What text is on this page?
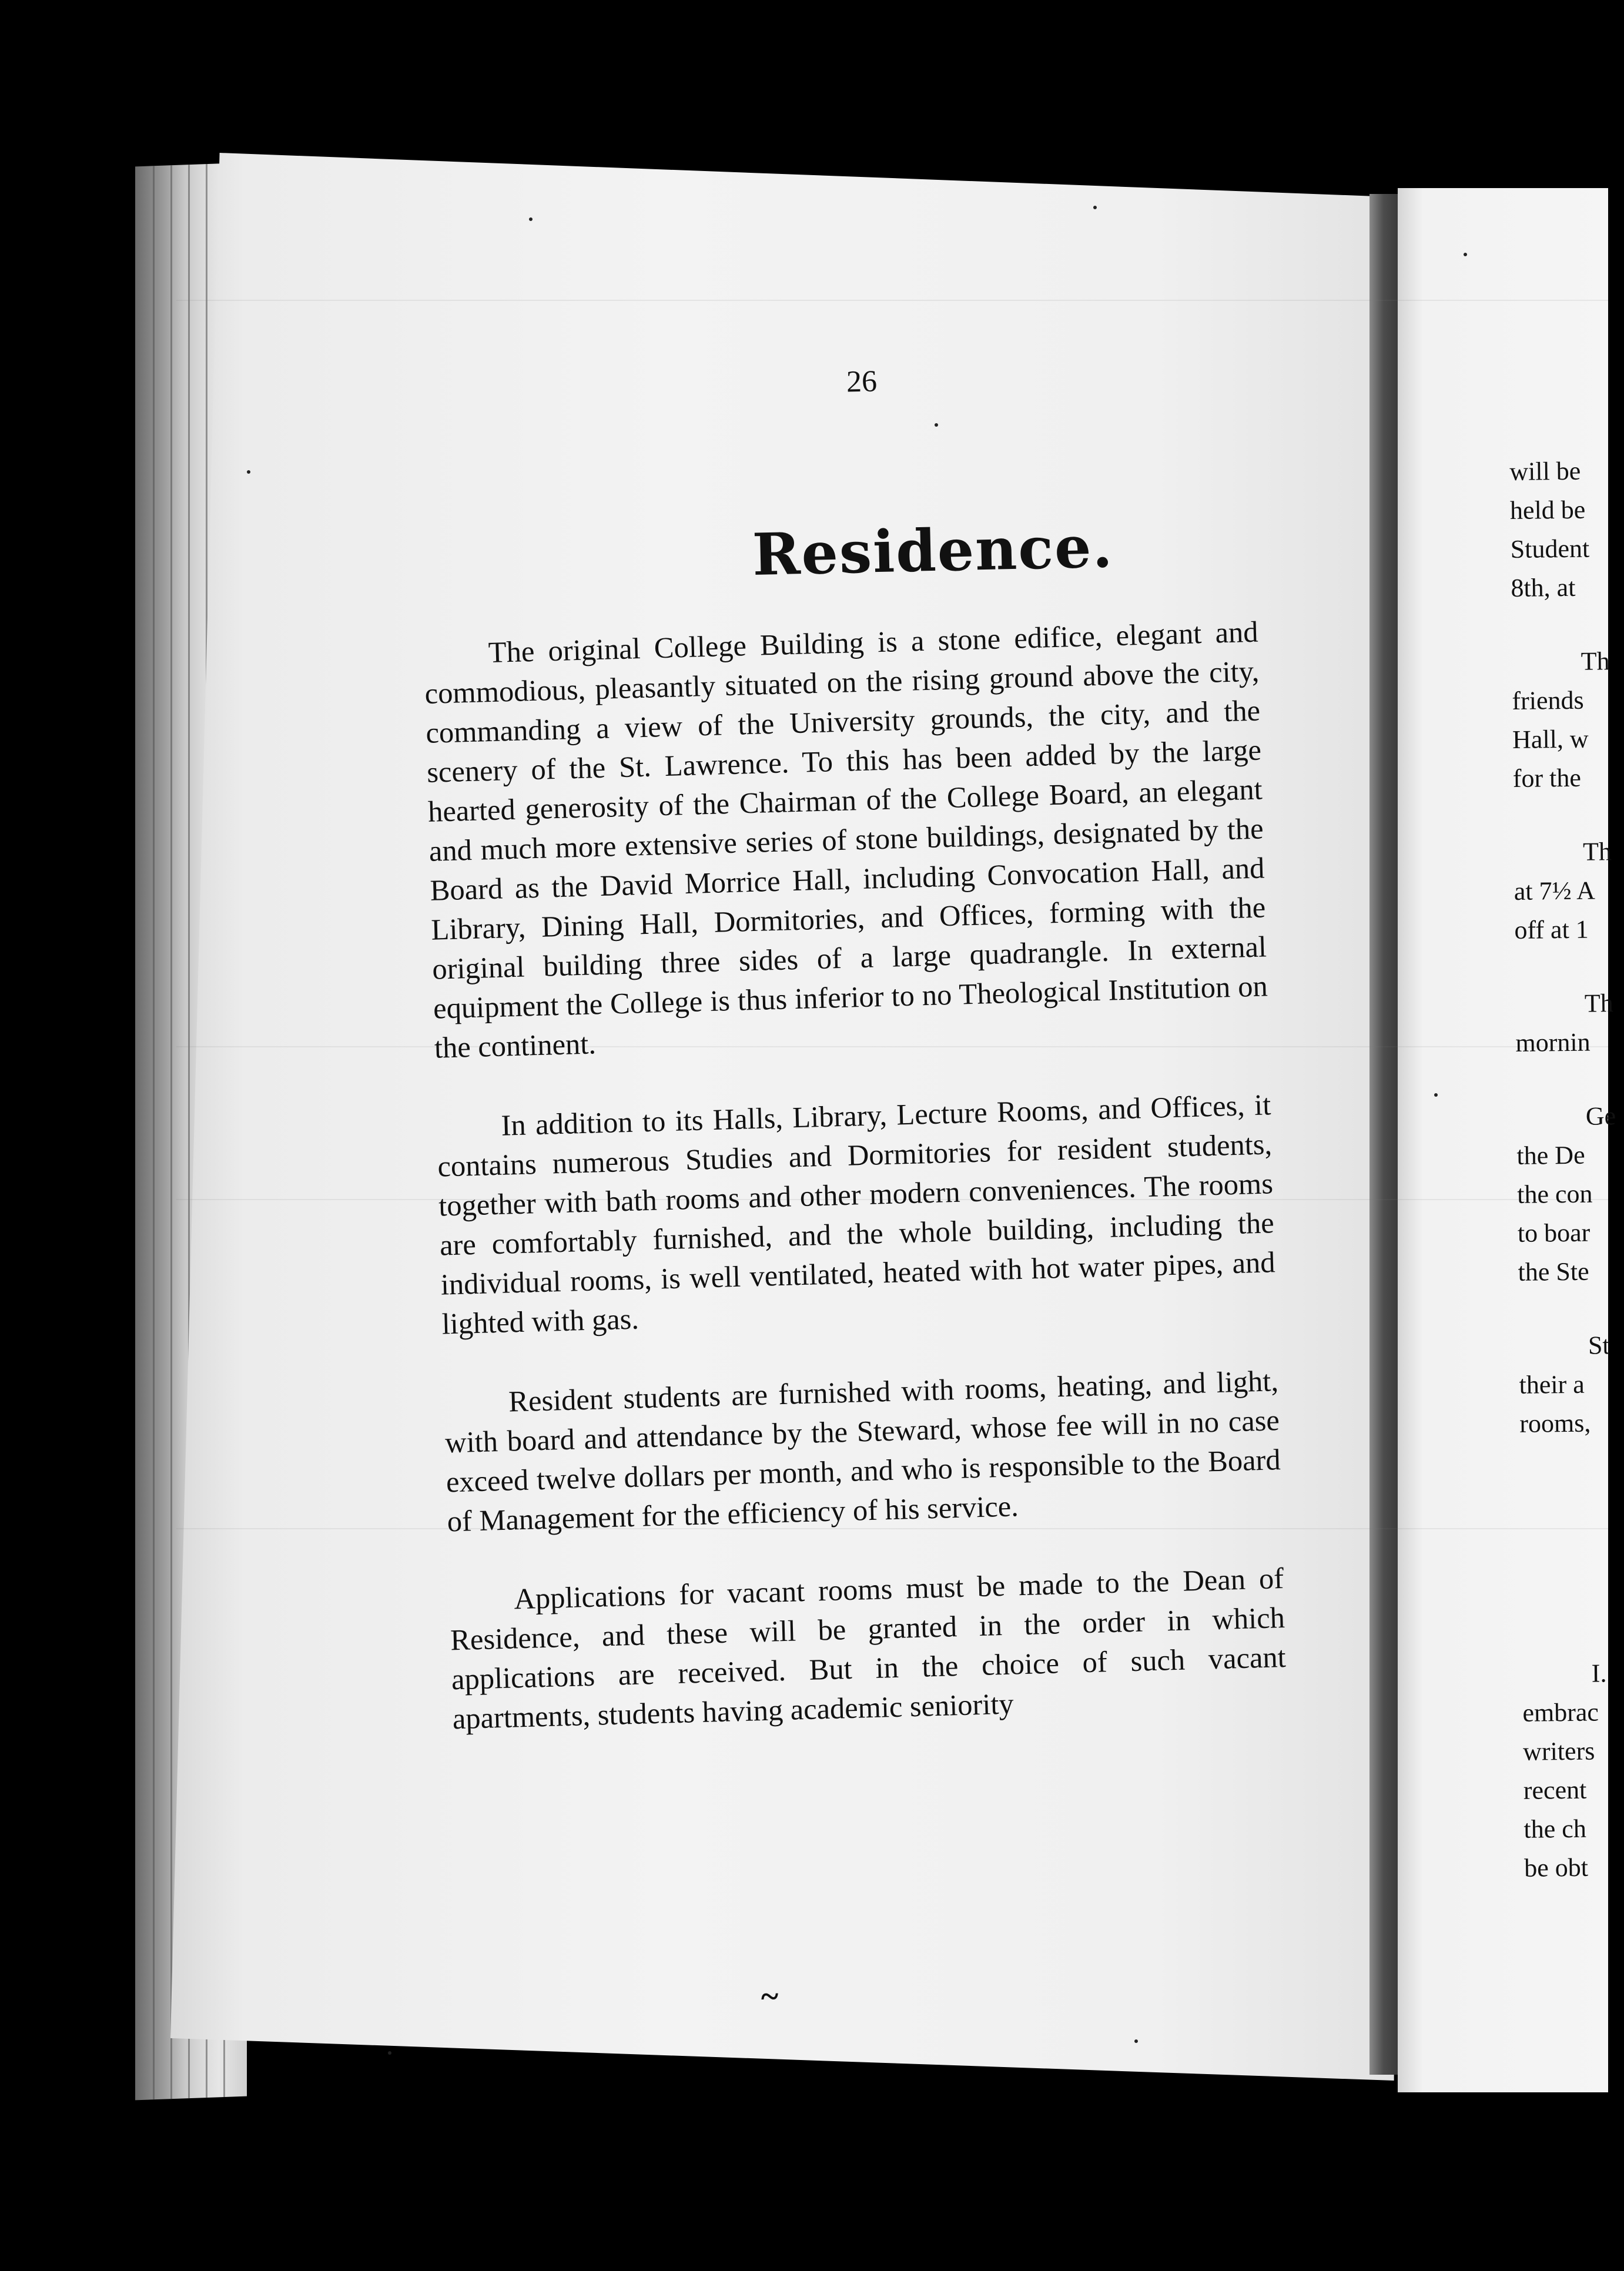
26
Residence.

The original College Building is a stone edifice, elegant and commodious, pleasantly situated on the rising ground above the city, commanding a view of the University grounds, the city, and the scenery of the St. Lawrence. To this has been added by the large hearted generosity of the Chairman of the College Board, an elegant and much more extensive series of stone buildings, designated by the Board as the David Morrice Hall, including Convocation Hall, and Library, Dining Hall, Dormitories, and Offices, forming with the original building three sides of a large quadrangle. In external equipment the College is thus inferior to no Theological Institution on the continent.

In addition to its Halls, Library, Lecture Rooms, and Offices, it contains numerous Studies and Dormitories for resident students, together with bath rooms and other modern conveniences. The rooms are comfortably furnished, and the whole building, including the individual rooms, is well ventilated, heated with hot water pipes, and lighted with gas.

Resident students are furnished with rooms, heating, and light, with board and attendance by the Steward, whose fee will in no case exceed twelve dollars per month, and who is responsible to the Board of Management for the efficiency of his service.

Applications for vacant rooms must be made to the Dean of Residence, and these will be granted in the order in which applications are received. But in the choice of such vacant apartments, students having academic seniority

~
will be
held be
Student
8th, at
Th
friends
Hall, w
for the
Th
at 7½ A
off at 1
Th
mornin
Ge
the De
the con
to boar
the Ste
St
their a
rooms,
I.
embrac
writers
recent
the ch
be obt
